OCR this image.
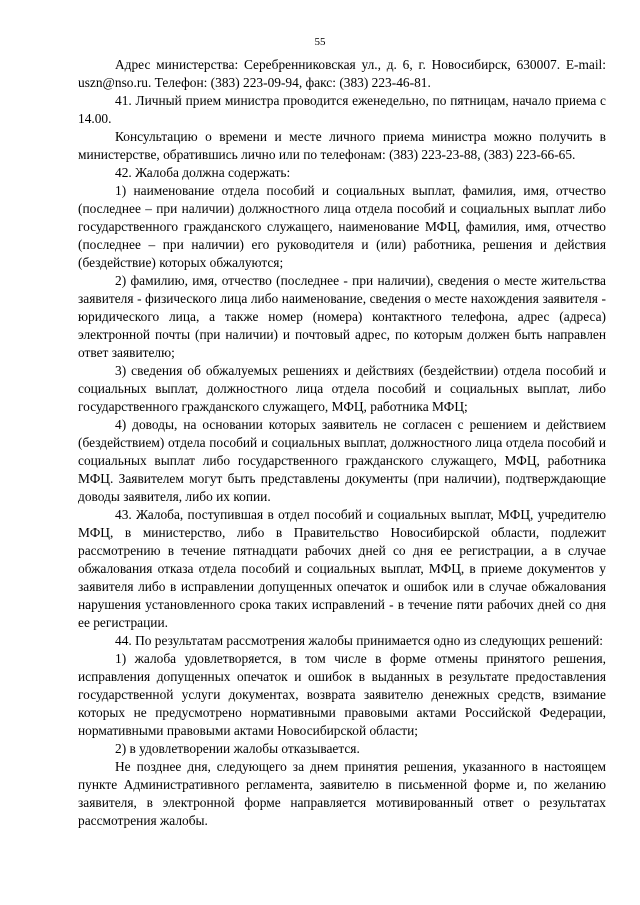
55

Адрес министерства: Серебренниковская ул., д. 6, г. Новосибирск, 630007. E-mail: uszn@nso.ru. Телефон: (383) 223-09-94, факс: (383) 223-46-81.

41. Личный прием министра проводится еженедельно, по пятницам, начало приема с 14.00.

Консультацию о времени и месте личного приема министра можно получить в министерстве, обратившись лично или по телефонам: (383) 223-23-88, (383) 223-66-65.

42. Жалоба должна содержать:

1) наименование отдела пособий и социальных выплат, фамилия, имя, отчество (последнее – при наличии) должностного лица отдела пособий и социальных выплат либо государственного гражданского служащего, наименование МФЦ, фамилия, имя, отчество (последнее – при наличии) его руководителя и (или) работника, решения и действия (бездействие) которых обжалуются;

2) фамилию, имя, отчество (последнее - при наличии), сведения о месте жительства заявителя - физического лица либо наименование, сведения о месте нахождения заявителя - юридического лица, а также номер (номера) контактного телефона, адрес (адреса) электронной почты (при наличии) и почтовый адрес, по которым должен быть направлен ответ заявителю;

3) сведения об обжалуемых решениях и действиях (бездействии) отдела пособий и социальных выплат, должностного лица отдела пособий и социальных выплат, либо государственного гражданского служащего, МФЦ, работника МФЦ;

4) доводы, на основании которых заявитель не согласен с решением и действием (бездействием) отдела пособий и социальных выплат, должностного лица отдела пособий и социальных выплат либо государственного гражданского служащего, МФЦ, работника МФЦ. Заявителем могут быть представлены документы (при наличии), подтверждающие доводы заявителя, либо их копии.

43. Жалоба, поступившая в отдел пособий и социальных выплат, МФЦ, учредителю МФЦ, в министерство, либо в Правительство Новосибирской области, подлежит рассмотрению в течение пятнадцати рабочих дней со дня ее регистрации, а в случае обжалования отказа отдела пособий и социальных выплат, МФЦ, в приеме документов у заявителя либо в исправлении допущенных опечаток и ошибок или в случае обжалования нарушения установленного срока таких исправлений - в течение пяти рабочих дней со дня ее регистрации.

44. По результатам рассмотрения жалобы принимается одно из следующих решений:

1) жалоба удовлетворяется, в том числе в форме отмены принятого решения, исправления допущенных опечаток и ошибок в выданных в результате предоставления государственной услуги документах, возврата заявителю денежных средств, взимание которых не предусмотрено нормативными правовыми актами Российской Федерации, нормативными правовыми актами Новосибирской области;

2) в удовлетворении жалобы отказывается.

Не позднее дня, следующего за днем принятия решения, указанного в настоящем пункте Административного регламента, заявителю в письменной форме и, по желанию заявителя, в электронной форме направляется мотивированный ответ о результатах рассмотрения жалобы.
